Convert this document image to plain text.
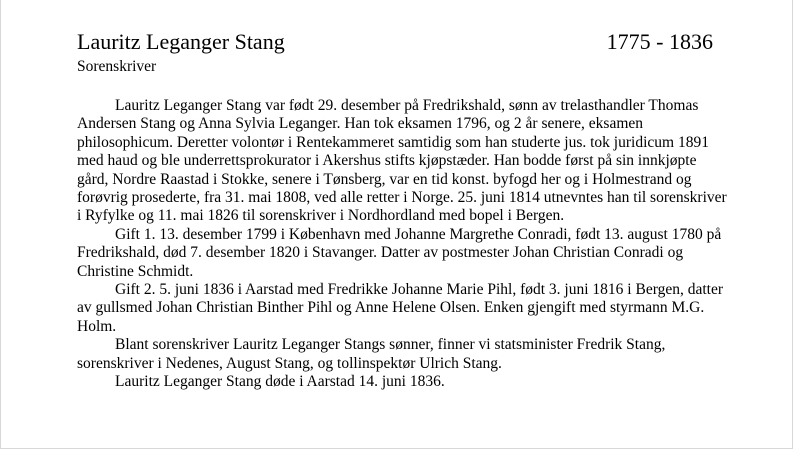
Lauritz Leganger Stang	1775 - 1836
Sorenskriver

Lauritz Leganger Stang var født 29. desember på Fredrikshald, sønn av trelasthandler Thomas Andersen Stang og Anna Sylvia Leganger. Han tok eksamen 1796, og 2 år senere, eksamen philosophicum. Deretter volontør i Rentekammeret samtidig som han studerte jus. tok juridicum 1891 med haud og ble underrettsprokurator i Akershus stifts kjøpstæder. Han bodde først på sin innkjøpte gård, Nordre Raastad i Stokke, senere i Tønsberg, var en tid konst. byfogd her og i Holmestrand og forøvrig prosederte, fra 31. mai 1808, ved alle retter i Norge. 25. juni 1814 utnevntes han til sorenskriver i Ryfylke og 11. mai 1826 til sorenskriver i Nordhordland med bopel i Bergen.

Gift 1. 13. desember 1799 i København med Johanne Margrethe Conradi, født 13. august 1780 på Fredrikshald, død 7. desember 1820 i Stavanger. Datter av postmester Johan Christian Conradi og Christine Schmidt.

Gift 2. 5. juni 1836 i Aarstad med Fredrikke Johanne Marie Pihl, født 3. juni 1816 i Bergen, datter av gullsmed Johan Christian Binther Pihl og Anne Helene Olsen. Enken gjengift med styrmann M.G. Holm.

Blant sorenskriver Lauritz Leganger Stangs sønner, finner vi statsminister Fredrik Stang, sorenskriver i Nedenes, August Stang, og tollinspektør Ulrich Stang.

Lauritz Leganger Stang døde i Aarstad 14. juni 1836.
